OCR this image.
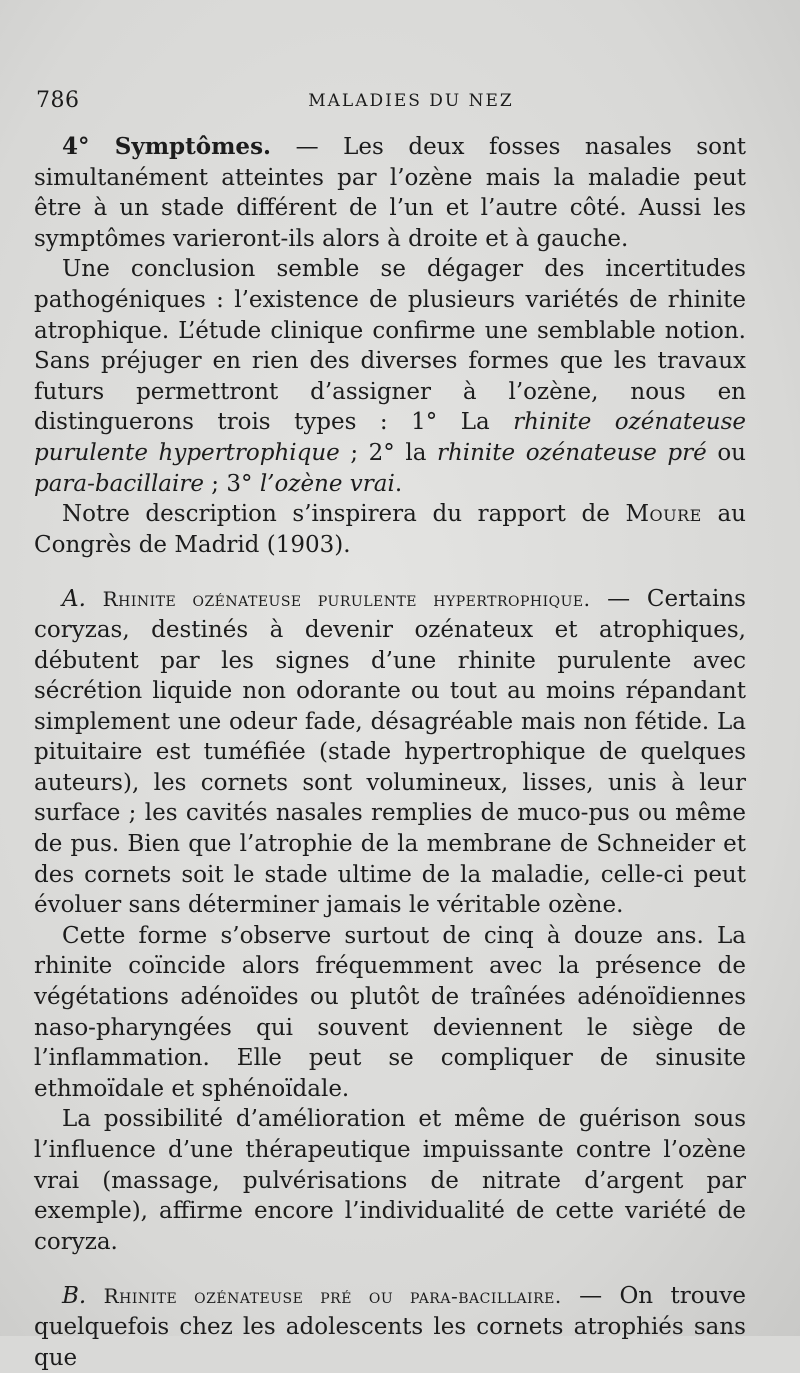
786	MALADIES DU NEZ

4° Symptômes. — Les deux fosses nasales sont simultanément atteintes par l’ozène mais la maladie peut être à un stade différent de l’un et l’autre côté. Aussi les symptômes varieront-ils alors à droite et à gauche.

Une conclusion semble se dégager des incertitudes pathogéniques : l’existence de plusieurs variétés de rhinite atrophique. L’étude clinique confirme une semblable notion. Sans préjuger en rien des diverses formes que les travaux futurs permettront d’assigner à l’ozène, nous en distinguerons trois types : 1° La rhinite ozénateuse purulente hypertrophique ; 2° la rhinite ozénateuse pré ou para-bacillaire ; 3° l’ozène vrai.

Notre description s’inspirera du rapport de Moure au Congrès de Madrid (1903).

A. Rhinite ozénateuse purulente hypertrophique. — Certains coryzas, destinés à devenir ozénateux et atrophiques, débutent par les signes d’une rhinite purulente avec sécrétion liquide non odorante ou tout au moins répandant simplement une odeur fade, désagréable mais non fétide. La pituitaire est tuméfiée (stade hypertrophique de quelques auteurs), les cornets sont volumineux, lisses, unis à leur surface ; les cavités nasales remplies de muco-pus ou même de pus. Bien que l’atrophie de la membrane de Schneider et des cornets soit le stade ultime de la maladie, celle-ci peut évoluer sans déterminer jamais le véritable ozène.

Cette forme s’observe surtout de cinq à douze ans. La rhinite coïncide alors fréquemment avec la présence de végétations adénoïdes ou plutôt de traînées adénoïdiennes naso-pharyngées qui souvent deviennent le siège de l’inflammation. Elle peut se compliquer de sinusite ethmoïdale et sphénoïdale.

La possibilité d’amélioration et même de guérison sous l’influence d’une thérapeutique impuissante contre l’ozène vrai (massage, pulvérisations de nitrate d’argent par exemple), affirme encore l’individualité de cette variété de coryza.

B. Rhinite ozénateuse pré ou para-bacillaire. — On trouve quelquefois chez les adolescents les cornets atrophiés sans que
